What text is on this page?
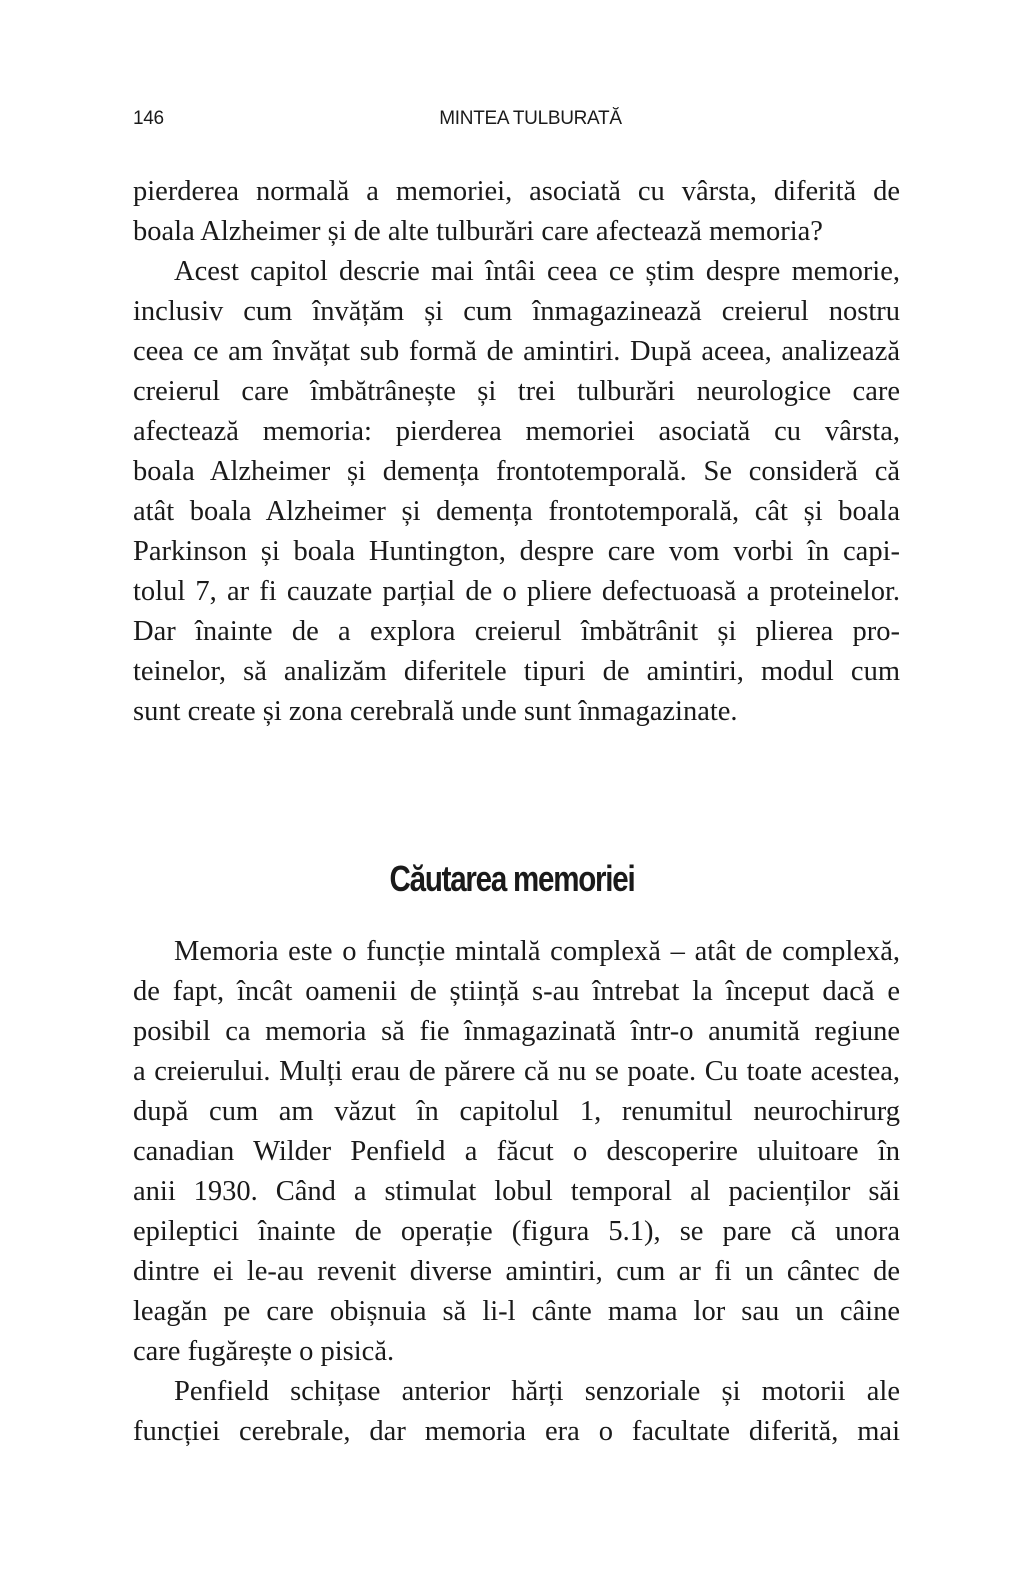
146	MINTEA TULBURATĂ
pierderea normală a memoriei, asociată cu vârsta, diferită de
boala Alzheimer și de alte tulburări care afectează memoria?
Acest capitol descrie mai întâi ceea ce știm despre memorie,
inclusiv cum învățăm și cum înmagazinează creierul nostru
ceea ce am învățat sub formă de amintiri. După aceea, analizează
creierul care îmbătrânește și trei tulburări neurologice care
afectează memoria: pierderea memoriei asociată cu vârsta,
boala Alzheimer și demența frontotemporală. Se consideră că
atât boala Alzheimer și demența frontotemporală, cât și boala
Parkinson și boala Huntington, despre care vom vorbi în capi-
tolul 7, ar fi cauzate parțial de o pliere defectuoasă a proteinelor.
Dar înainte de a explora creierul îmbătrânit și plierea pro-
teinelor, să analizăm diferitele tipuri de amintiri, modul cum
sunt create și zona cerebrală unde sunt înmagazinate.
Căutarea memoriei
Memoria este o funcție mintală complexă – atât de complexă,
de fapt, încât oamenii de știință s-au întrebat la început dacă e
posibil ca memoria să fie înmagazinată într-o anumită regiune
a creierului. Mulți erau de părere că nu se poate. Cu toate acestea,
după cum am văzut în capitolul 1, renumitul neurochirurg
canadian Wilder Penfield a făcut o descoperire uluitoare în
anii 1930. Când a stimulat lobul temporal al pacienților săi
epileptici înainte de operație (figura 5.1), se pare că unora
dintre ei le-au revenit diverse amintiri, cum ar fi un cântec de
leagăn pe care obișnuia să li-l cânte mama lor sau un câine
care fugărește o pisică.
Penfield schițase anterior hărți senzoriale și motorii ale
funcției cerebrale, dar memoria era o facultate diferită, mai
